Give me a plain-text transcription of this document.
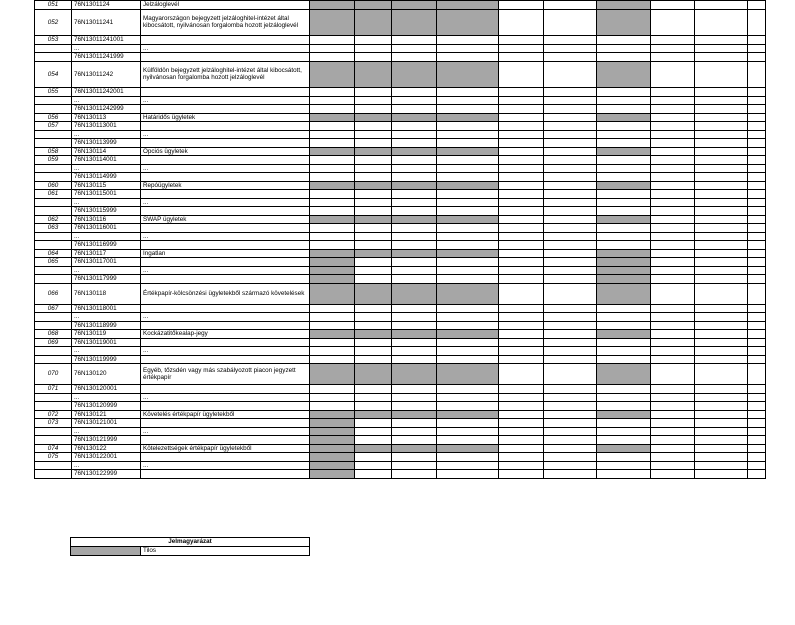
051	76N1301124	Jelzáloglevél											
052	76N13011241	Magyarországon bejegyzett jelzáloghitel-intézet által kibocsátott, nyilvánosan forgalomba hozott jelzáloglevél											
053	76N13011241001												
	...	...											
	76N13011241999												
054	76N13011242	Külföldön bejegyzett jelzáloghitel-intézet által kibocsátott, nyilvánosan forgalomba hozott jelzáloglevél											
055	76N13011242001												
	...	...											
	76N13011242999												
056	76N130113	Határidős ügyletek											
057	76N130113001												
	...	...											
	76N130113999												
058	76N130114	Opciós ügyletek											
059	76N130114001												
	...	...											
	76N130114999												
060	76N130115	Repóügyletek											
061	76N130115001												
	...	...											
	76N130115999												
062	76N130116	SWAP ügyletek											
063	76N130116001												
	...	...											
	76N130116999												
064	76N130117	Ingatlan											
065	76N130117001												
	...	...											
	76N130117999												
066	76N130118	Értékpapír-kölcsönzési ügyletekből származó követelések											
067	76N130118001												
	...	...											
	76N130118999												
068	76N130119	Kockázatitőkealap-jegy											
069	76N130119001												
	...	...											
	76N130119999												
070	76N130120	Egyéb, tőzsdén vagy más szabályozott piacon jegyzett értékpapír											
071	76N130120001												
	...	...											
	76N130120999												
072	76N130121	Követelés értékpapír ügyletekből											
073	76N130121001												
	...	...											
	76N130121999												
074	76N130122	Kötelezettségek értékpapír ügyletekből											
075	76N130122001												
	...	...											
	76N130122999												
Jelmagyarázat
Tilos
